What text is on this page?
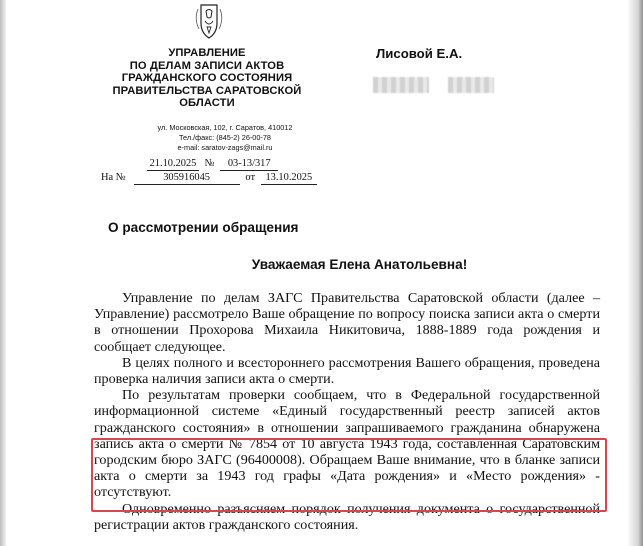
УПРАВЛЕНИЕ
ПО ДЕЛАМ ЗАПИСИ АКТОВ
ГРАЖДАНСКОГО СОСТОЯНИЯ
ПРАВИТЕЛЬСТВА САРАТОВСКОЙ
ОБЛАСТИ
ул. Московская, 102, г. Саратов, 410012
Тел./факс: (845-2) 26-00-78
e-mail: saratov-zags@mail.ru
21.10.2025 № 03-13/317
На №	305916045	от 13.10.2025
Лисовой Е.А.
О рассмотрении обращения
Уважаемая Елена Анатольевна!

Управление по делам ЗАГС Правительства Саратовской области (далее – Управление) рассмотрело Ваше обращение по вопросу поиска записи акта о смерти в отношении Прохорова Михаила Никитовича, 1888-1889 года рождения и сообщает следующее.

В целях полного и всестороннего рассмотрения Вашего обращения, проведена проверка наличия записи акта о смерти.

По результатам проверки сообщаем, что в Федеральной государственной информационной системе «Единый государственный реестр записей актов гражданского состояния» в отношении запрашиваемого гражданина обнаружена запись акта о смерти № 7854 от 10 августа 1943 года, составленная Саратовским городским бюро ЗАГС (96400008). Обращаем Ваше внимание, что в бланке записи акта о смерти за 1943 год графы «Дата рождения» и «Место рождения» - отсутствуют.

Одновременно разъясняем порядок получения документа о государственной регистрации актов гражданского состояния.
